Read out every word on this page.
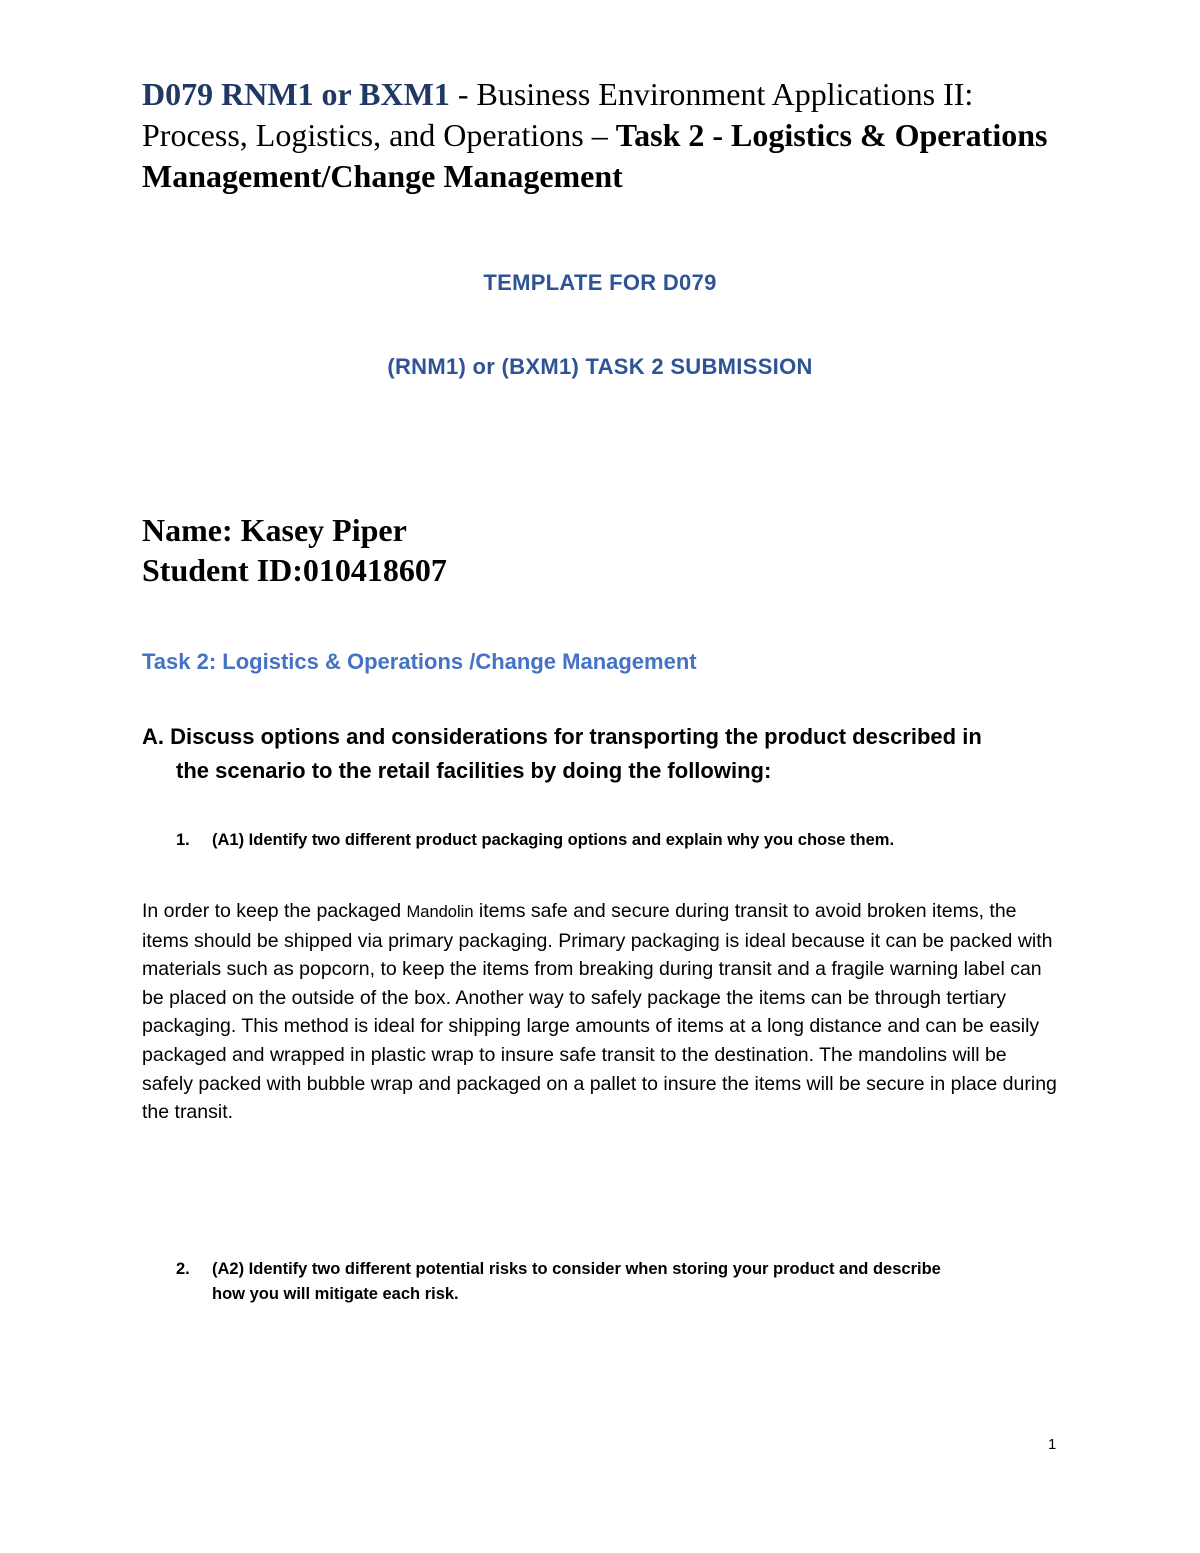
D079 RNM1 or BXM1 - Business Environment Applications II: Process, Logistics, and Operations – Task 2 - Logistics & Operations Management/Change Management
TEMPLATE FOR D079
(RNM1) or (BXM1) TASK 2 SUBMISSION
Name: Kasey Piper
Student ID:010418607
Task 2: Logistics & Operations /Change Management
A. Discuss options and considerations for transporting the product described in
the scenario to the retail facilities by doing the following:
1. (A1) Identify two different product packaging options and explain why you chose them.
In order to keep the packaged Mandolin items safe and secure during transit to avoid broken items, the items should be shipped via primary packaging. Primary packaging is ideal because it can be packed with materials such as popcorn, to keep the items from breaking during transit and a fragile warning label can be placed on the outside of the box. Another way to safely package the items can be through tertiary packaging. This method is ideal for shipping large amounts of items at a long distance and can be easily packaged and wrapped in plastic wrap to insure safe transit to the destination. The mandolins will be safely packed with bubble wrap and packaged on a pallet to insure the items will be secure in place during the transit.
2. (A2) Identify two different potential risks to consider when storing your product and describe
how you will mitigate each risk.
1
